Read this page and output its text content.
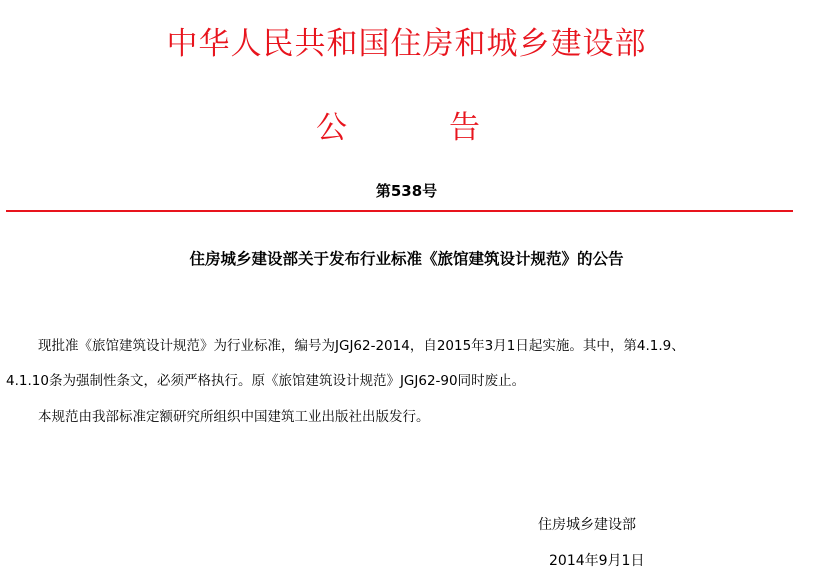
中华人民共和国住房和城乡建设部
公	告
第538号
住房城乡建设部关于发布行业标准《旅馆建筑设计规范》的公告
现批准《旅馆建筑设计规范》为行业标准，编号为JGJ62-2014，自2015年3月1日起实施。其中，第4.1.9、
4.1.10条为强制性条文，必须严格执行。原《旅馆建筑设计规范》JGJ62-90同时废止。
本规范由我部标准定额研究所组织中国建筑工业出版社出版发行。
住房城乡建设部
2014年9月1日
